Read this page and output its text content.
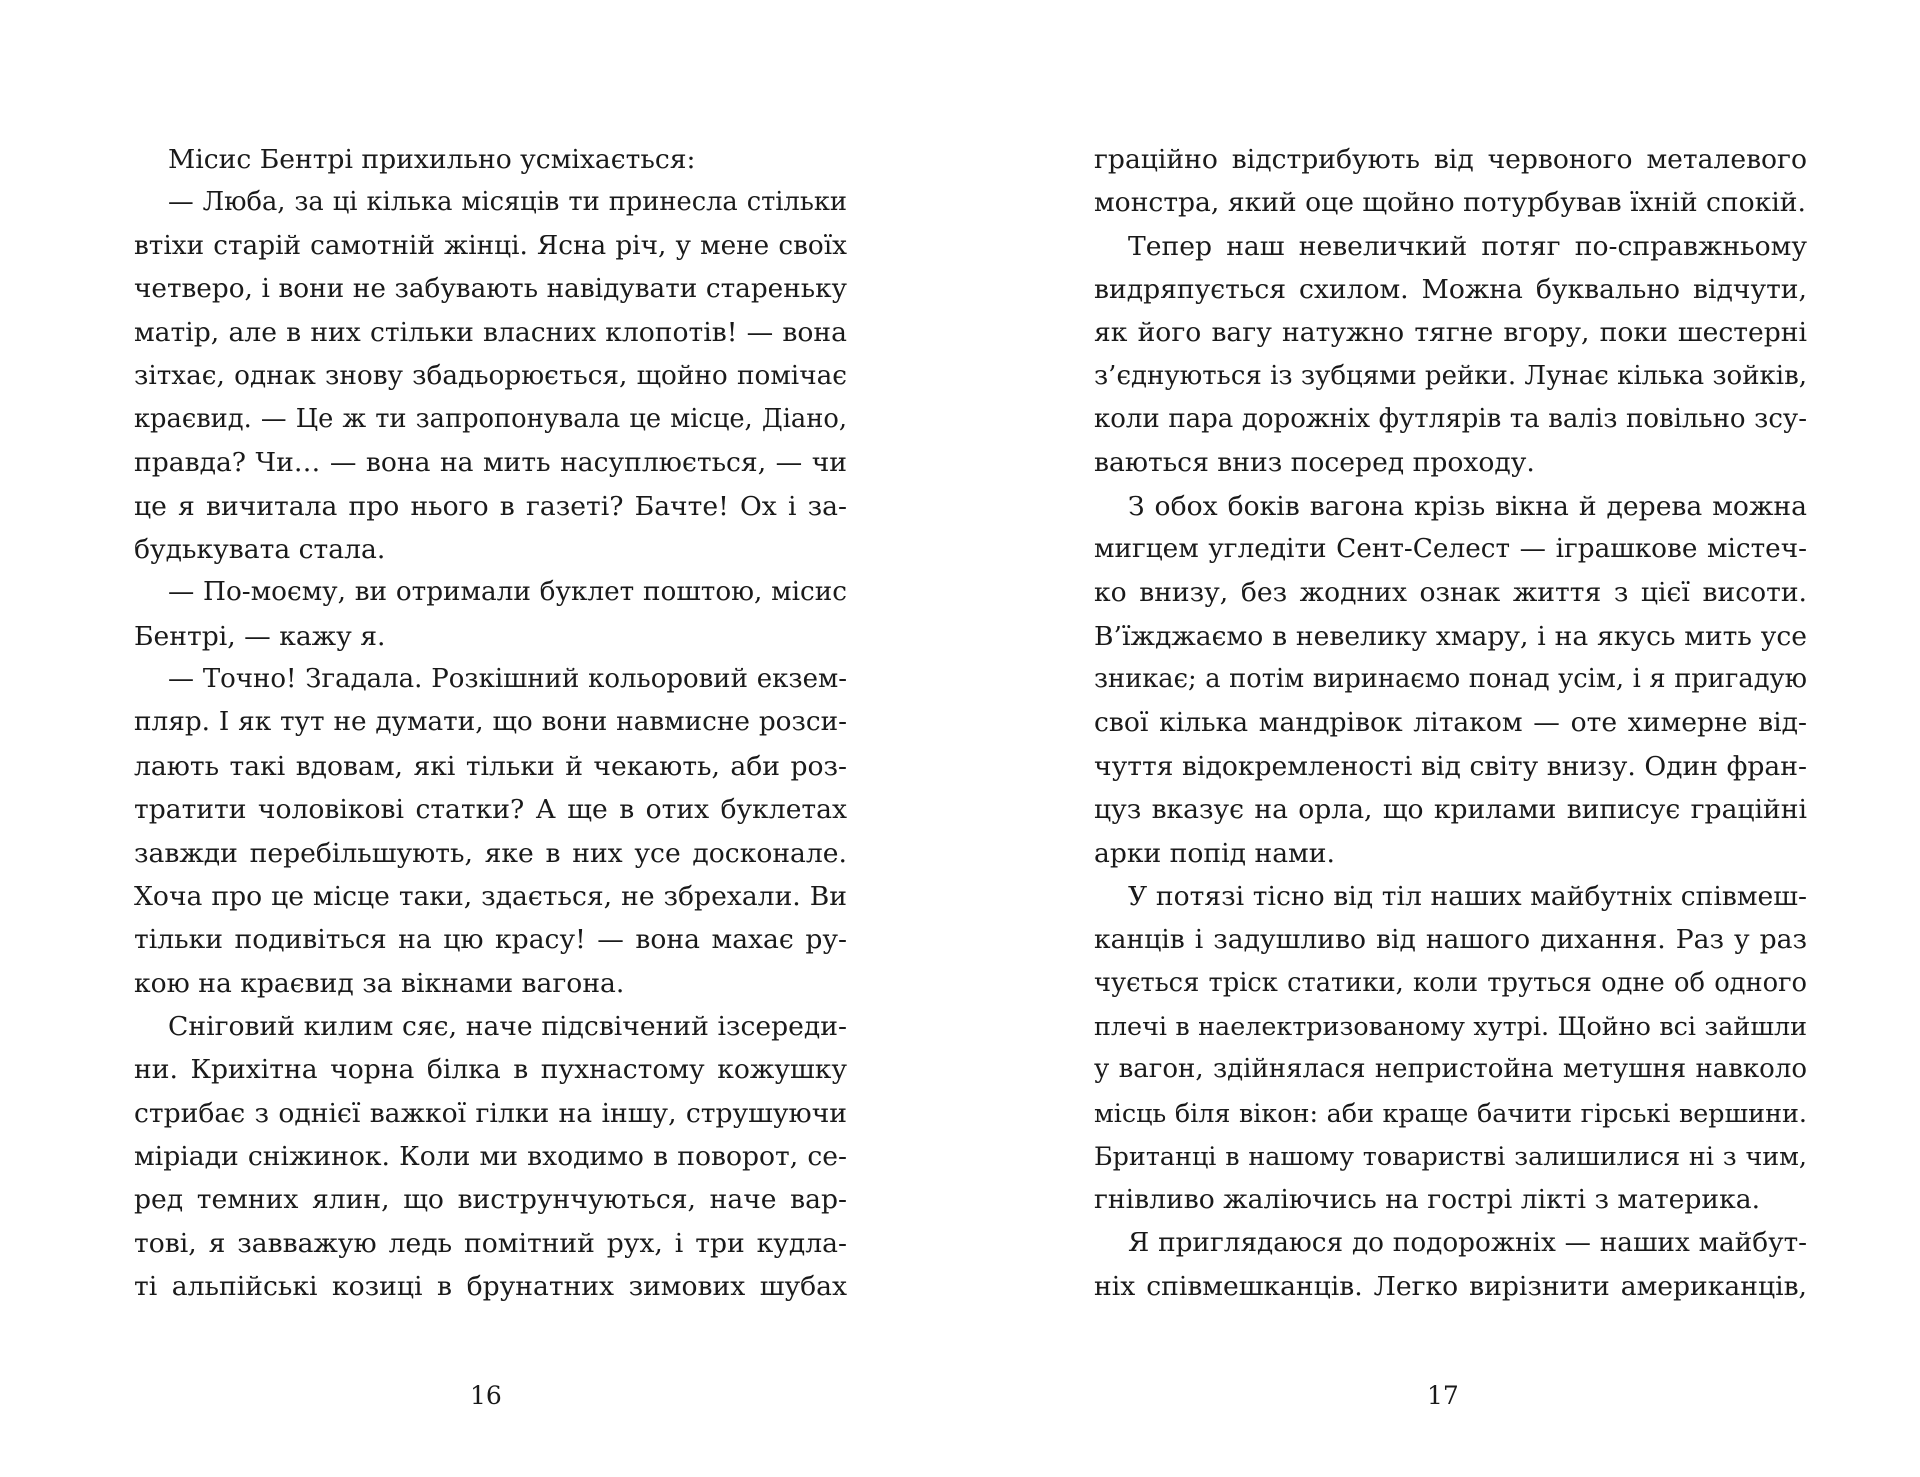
Місис Бентрі прихильно усміхається:
— Люба, за ці кілька місяців ти принесла стільки
втіхи старій самотній жінці. Ясна річ, у мене своїх
четверо, і вони не забувають навідувати стареньку
матір, але в них стільки власних клопотів! — вона
зітхає, однак знову збадьорюється, щойно помічає
краєвид. — Це ж ти запропонувала це місце, Діано,
правда? Чи… — вона на мить насуплюється, — чи
це я вичитала про нього в газеті? Бачте! Ох і за-
будькувата стала.
— По-моєму, ви отримали буклет поштою, місис
Бентрі, — кажу я.
— Точно! Згадала. Розкішний кольоровий екзем-
пляр. І як тут не думати, що вони навмисне розси-
лають такі вдовам, які тільки й чекають, аби роз-
тратити чоловікові статки? А ще в отих буклетах
завжди перебільшують, яке в них усе досконале.
Хоча про це місце таки, здається, не збрехали. Ви
тільки подивіться на цю красу! — вона махає ру-
кою на краєвид за вікнами вагона.
Сніговий килим сяє, наче підсвічений ізсереди-
ни. Крихітна чорна білка в пухнастому кожушку
стрибає з однієї важкої гілки на іншу, струшуючи
міріади сніжинок. Коли ми входимо в поворот, се-
ред темних ялин, що виструнчуються, наче вар-
тові, я завважую ледь помітний рух, і три кудла-
ті альпійські козиці в брунатних зимових шубах
16
граційно відстрибують від червоного металевого
монстра, який оце щойно потурбував їхній спокій.
Тепер наш невеличкий потяг по-справжньому
видряпується схилом. Можна буквально відчути,
як його вагу натужно тягне вгору, поки шестерні
з’єднуються із зубцями рейки. Лунає кілька зойків,
коли пара дорожніх футлярів та валіз повільно зсу-
ваються вниз посеред проходу.
З обох боків вагона крізь вікна й дерева можна
мигцем угледіти Сент-Селест — іграшкове містеч-
ко внизу, без жодних ознак життя з цієї висоти.
В’їжджаємо в невелику хмару, і на якусь мить усе
зникає; а потім виринаємо понад усім, і я пригадую
свої кілька мандрівок літаком — оте химерне від-
чуття відокремленості від світу внизу. Один фран-
цуз вказує на орла, що крилами виписує граційні
арки попід нами.
У потязі тісно від тіл наших майбутніх співмеш-
канців і задушливо від нашого дихання. Раз у раз
чується тріск статики, коли труться одне об одного
плечі в наелектризованому хутрі. Щойно всі зайшли
у вагон, здійнялася непристойна метушня навколо
місць біля вікон: аби краще бачити гірські вершини.
Британці в нашому товаристві залишилися ні з чим,
гнівливо жаліючись на гострі лікті з материка.
Я приглядаюся до подорожніх — наших майбут-
ніх співмешканців. Легко вирізнити американців,
17
